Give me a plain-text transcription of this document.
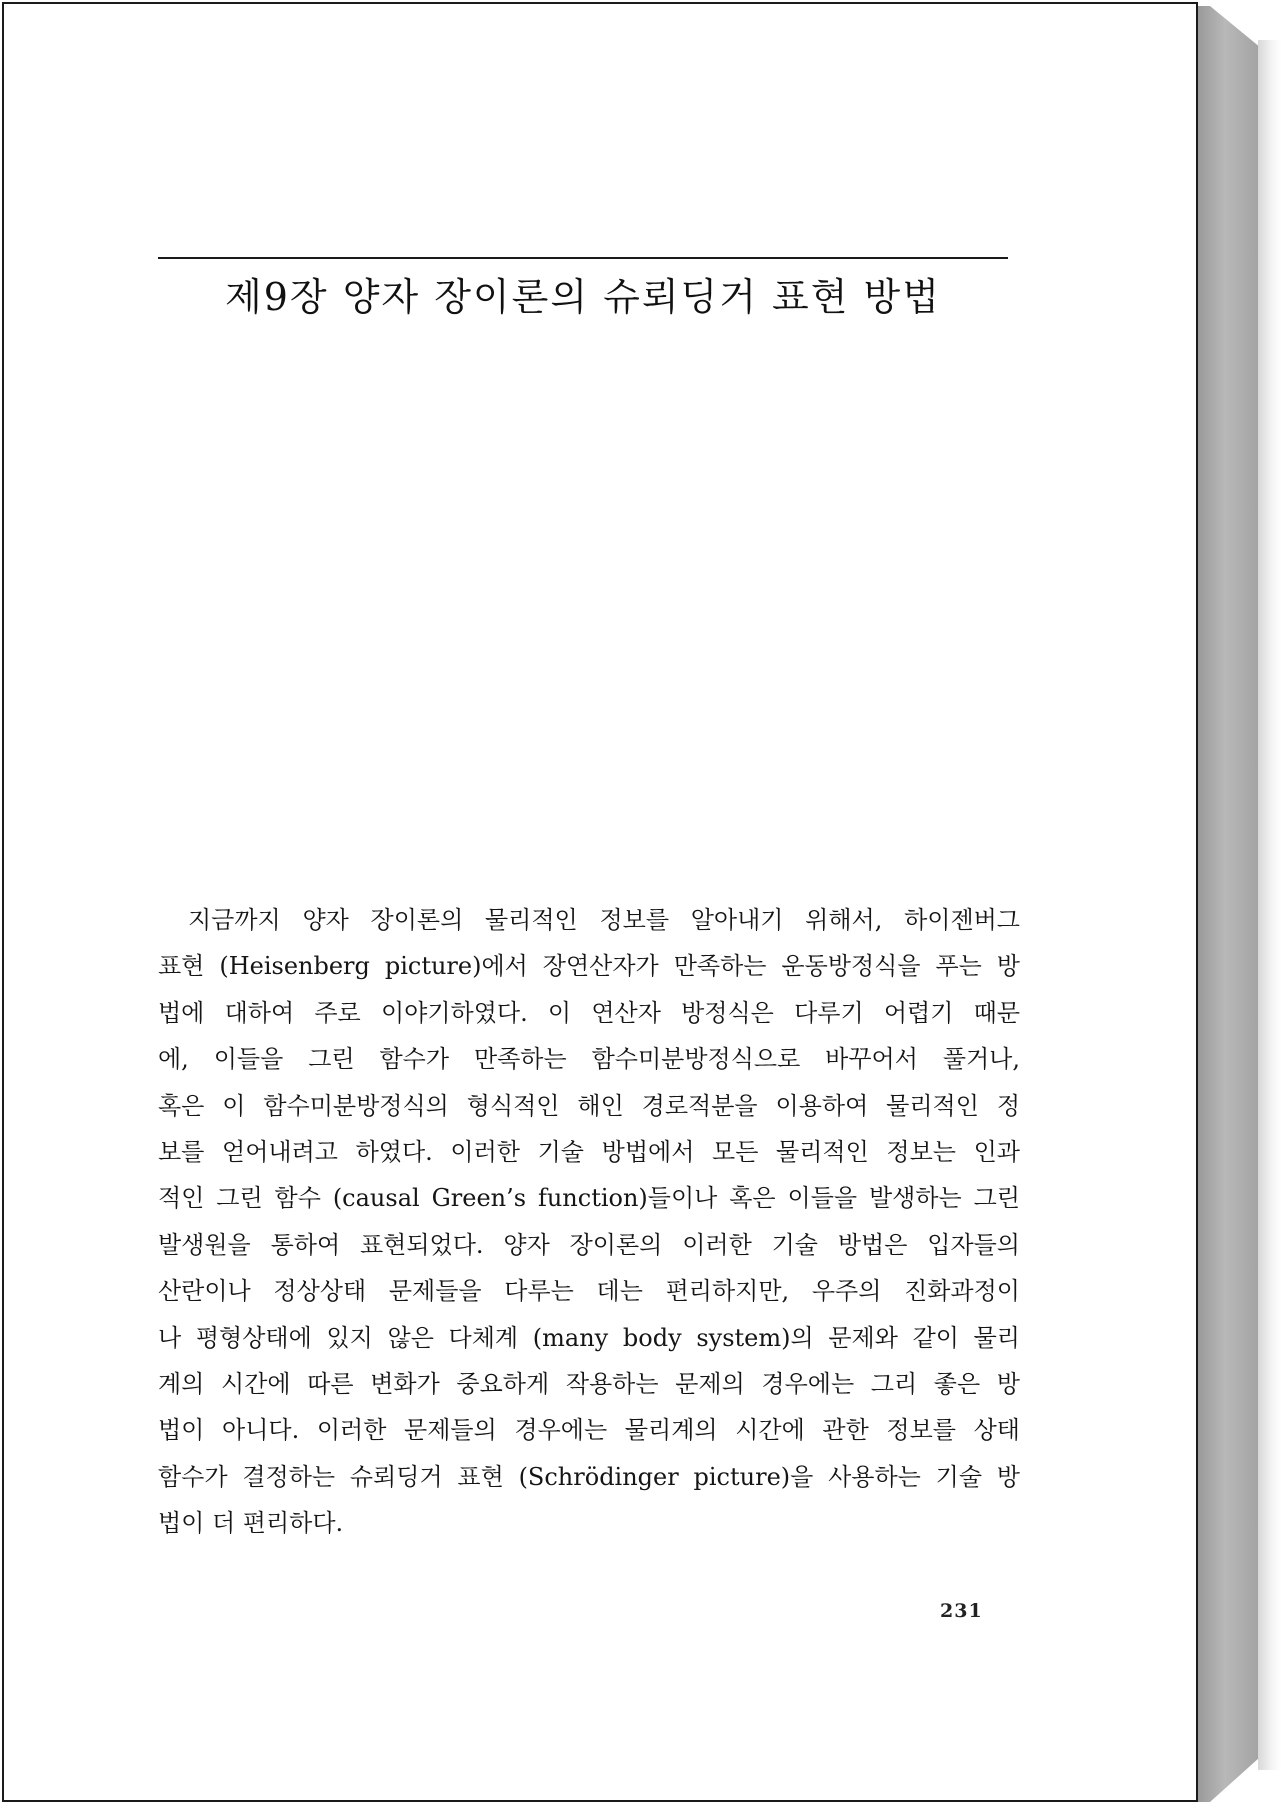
제9장 양자 장이론의 슈뢰딩거 표현 방법
지금까지 양자 장이론의 물리적인 정보를 알아내기 위해서, 하이젠버그
표현 (Heisenberg picture)에서 장연산자가 만족하는 운동방정식을 푸는 방
법에 대하여 주로 이야기하였다. 이 연산자 방정식은 다루기 어렵기 때문
에, 이들을 그린 함수가 만족하는 함수미분방정식으로 바꾸어서 풀거나,
혹은 이 함수미분방정식의 형식적인 해인 경로적분을 이용하여 물리적인 정
보를 얻어내려고 하였다. 이러한 기술 방법에서 모든 물리적인 정보는 인과
적인 그린 함수 (causal Green’s function)들이나 혹은 이들을 발생하는 그린
발생원을 통하여 표현되었다. 양자 장이론의 이러한 기술 방법은 입자들의
산란이나 정상상태 문제들을 다루는 데는 편리하지만, 우주의 진화과정이
나 평형상태에 있지 않은 다체계 (many body system)의 문제와 같이 물리
계의 시간에 따른 변화가 중요하게 작용하는 문제의 경우에는 그리 좋은 방
법이 아니다. 이러한 문제들의 경우에는 물리계의 시간에 관한 정보를 상태
함수가 결정하는 슈뢰딩거 표현 (Schrödinger picture)을 사용하는 기술 방
법이 더 편리하다.
231
